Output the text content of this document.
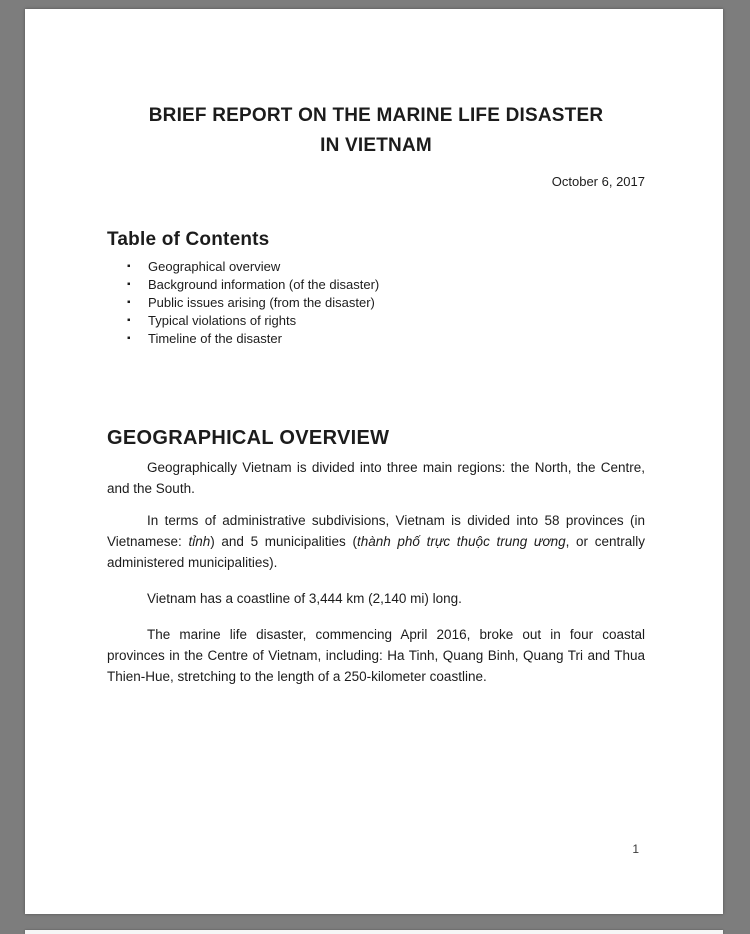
BRIEF REPORT ON THE MARINE LIFE DISASTER
IN VIETNAM
October 6, 2017
Table of Contents
▪ Geographical overview
▪ Background information (of the disaster)
▪ Public issues arising (from the disaster)
▪ Typical violations of rights
▪ Timeline of the disaster
GEOGRAPHICAL OVERVIEW

Geographically Vietnam is divided into three main regions: the North, the Centre, and the South.

In terms of administrative subdivisions, Vietnam is divided into 58 provinces (in Vietnamese: tỉnh) and 5 municipalities (thành phố trực thuộc trung ương, or centrally administered municipalities).

Vietnam has a coastline of 3,444 km (2,140 mi) long.

The marine life disaster, commencing April 2016, broke out in four coastal provinces in the Centre of Vietnam, including: Ha Tinh, Quang Binh, Quang Tri and Thua Thien-Hue, stretching to the length of a 250-kilometer coastline.

1
